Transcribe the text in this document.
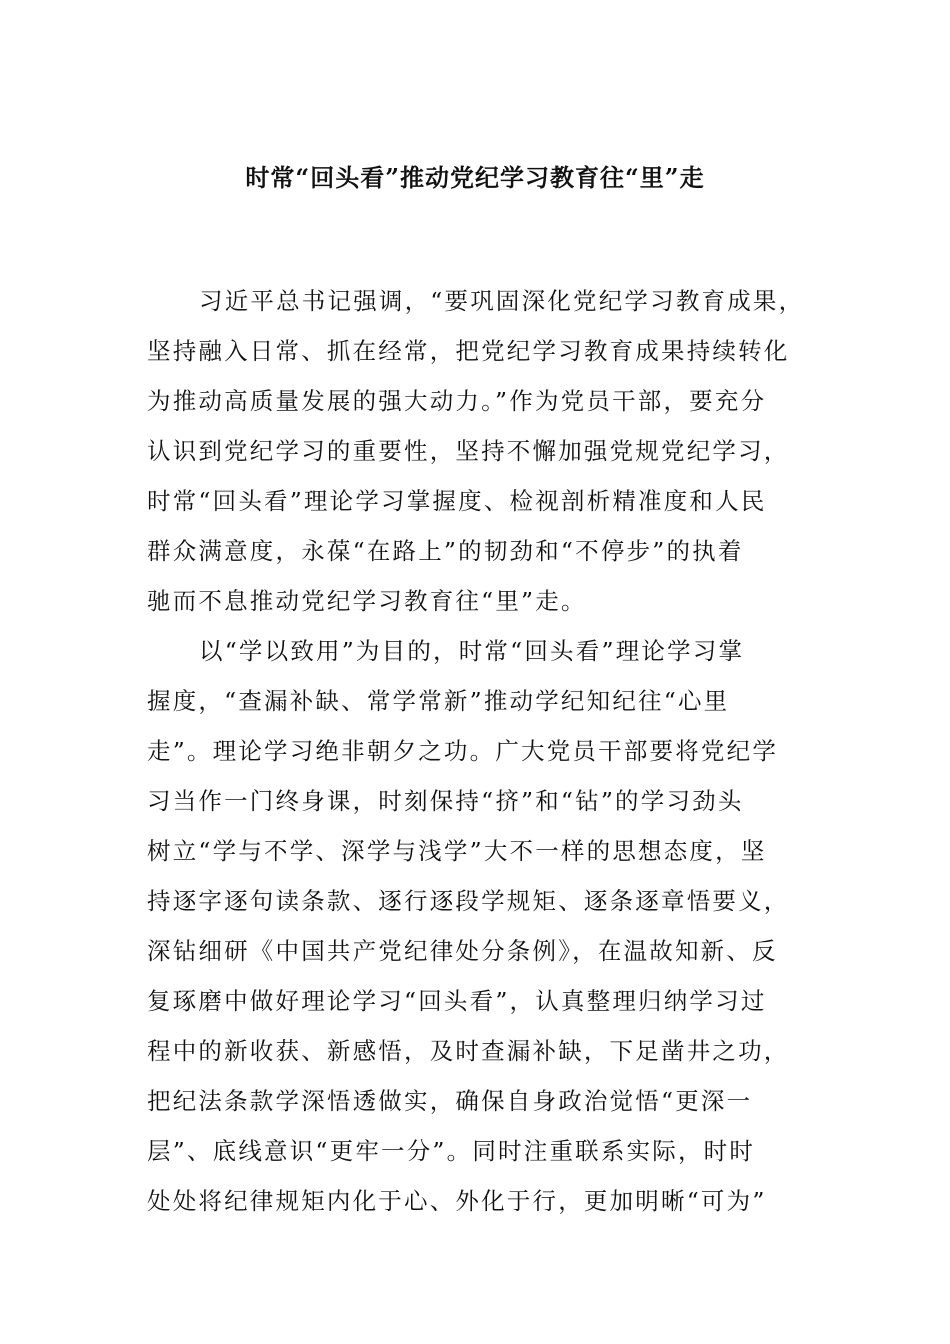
时常“回头看”推动党纪学习教育往“里”走

习近平总书记强调，“要巩固深化党纪学习教育成果，
坚持融入日常、抓在经常，把党纪学习教育成果持续转化
为推动高质量发展的强大动力。”作为党员干部，要充分
认识到党纪学习的重要性，坚持不懈加强党规党纪学习，
时常“回头看”理论学习掌握度、检视剖析精准度和人民
群众满意度，永葆“在路上”的韧劲和“不停步”的执着
驰而不息推动党纪学习教育往“里”走。

以“学以致用”为目的，时常“回头看”理论学习掌
握度，“查漏补缺、常学常新”推动学纪知纪往“心里
走”。理论学习绝非朝夕之功。广大党员干部要将党纪学
习当作一门终身课，时刻保持“挤”和“钻”的学习劲头
树立“学与不学、深学与浅学”大不一样的思想态度，坚
持逐字逐句读条款、逐行逐段学规矩、逐条逐章悟要义，
深钻细研《中国共产党纪律处分条例》，在温故知新、反
复琢磨中做好理论学习“回头看”，认真整理归纳学习过
程中的新收获、新感悟，及时查漏补缺，下足凿井之功，
把纪法条款学深悟透做实，确保自身政治觉悟“更深一
层”、底线意识“更牢一分”。同时注重联系实际，时时
处处将纪律规矩内化于心、外化于行，更加明晰“可为”
